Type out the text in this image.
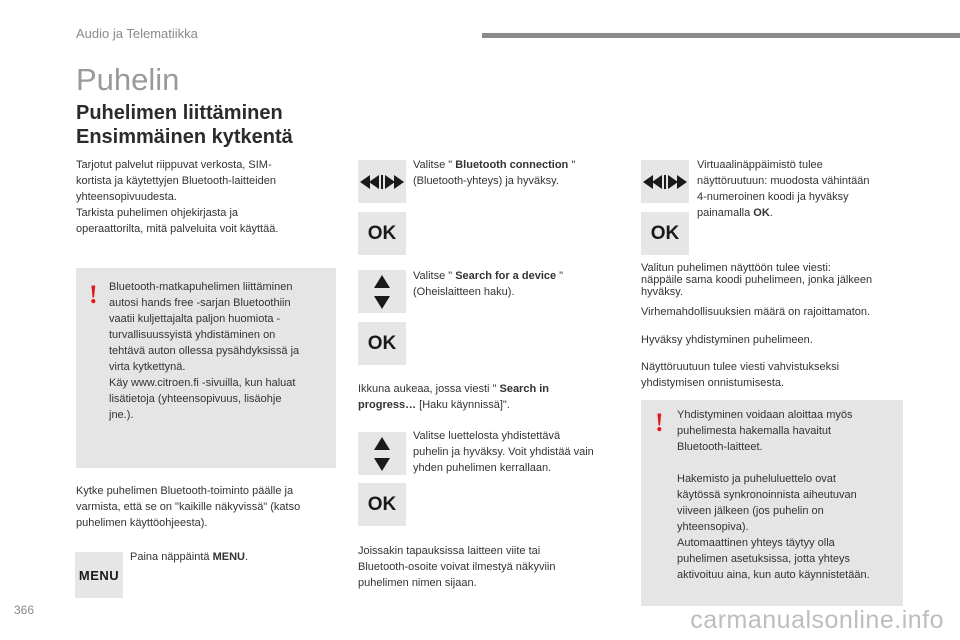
Audio ja Telematiikka
Puhelin
Puhelimen liittäminen
Ensimmäinen kytkentä
Tarjotut palvelut riippuvat verkosta, SIM-
kortista ja käytettyjen Bluetooth-laitteiden
yhteensopivuudesta.
Tarkista puhelimen ohjekirjasta ja
operaattorilta, mitä palveluita voit käyttää.
! Bluetooth-matkapuhelimen liittäminen
autosi hands free -sarjan Bluetoothiin
vaatii kuljettajalta paljon huomiota -
turvallisuussyistä yhdistäminen on
tehtävä auton ollessa pysähdyksissä ja
virta kytkettynä.
Käy www.citroen.fi -sivuilla, kun haluat
lisätietoja (yhteensopivuus, lisäohje
jne.).
Kytke puhelimen Bluetooth-toiminto päälle ja
varmista, että se on "kaikille näkyvissä" (katso
puhelimen käyttöohjeesta).
MENU
Paina näppäintä MENU.
Valitse " Bluetooth connection "
(Bluetooth-yhteys) ja hyväksy.
OK
Valitse " Search for a device "
(Oheislaitteen haku).
OK
Ikkuna aukeaa, jossa viesti " Search in
progress… [Haku käynnissä]".
Valitse luettelosta yhdistettävä
puhelin ja hyväksy. Voit yhdistää vain
yhden puhelimen kerrallaan.
OK
Joissakin tapauksissa laitteen viite tai
Bluetooth-osoite voivat ilmestyä näkyviin
puhelimen nimen sijaan.
Virtuaalinäppäimistö tulee
näyttöruutuun: muodosta vähintään
4-numeroinen koodi ja hyväksy
painamalla OK.
OK
Valitun puhelimen näyttöön tulee viesti:
näppäile sama koodi puhelimeen, jonka jälkeen
hyväksy.
Virhemahdollisuuksien määrä on rajoittamaton.
Hyväksy yhdistyminen puhelimeen.
Näyttöruutuun tulee viesti vahvistukseksi
yhdistymisen onnistumisesta.
! Yhdistyminen voidaan aloittaa myös
puhelimesta hakemalla havaitut
Bluetooth-laitteet.
Hakemisto ja puheluluettelo ovat
käytössä synkronoinnista aiheutuvan
viiveen jälkeen (jos puhelin on
yhteensopiva).
Automaattinen yhteys täytyy olla
puhelimen asetuksissa, jotta yhteys
aktivoituu aina, kun auto käynnistetään.
366	carmanualsonline.info
